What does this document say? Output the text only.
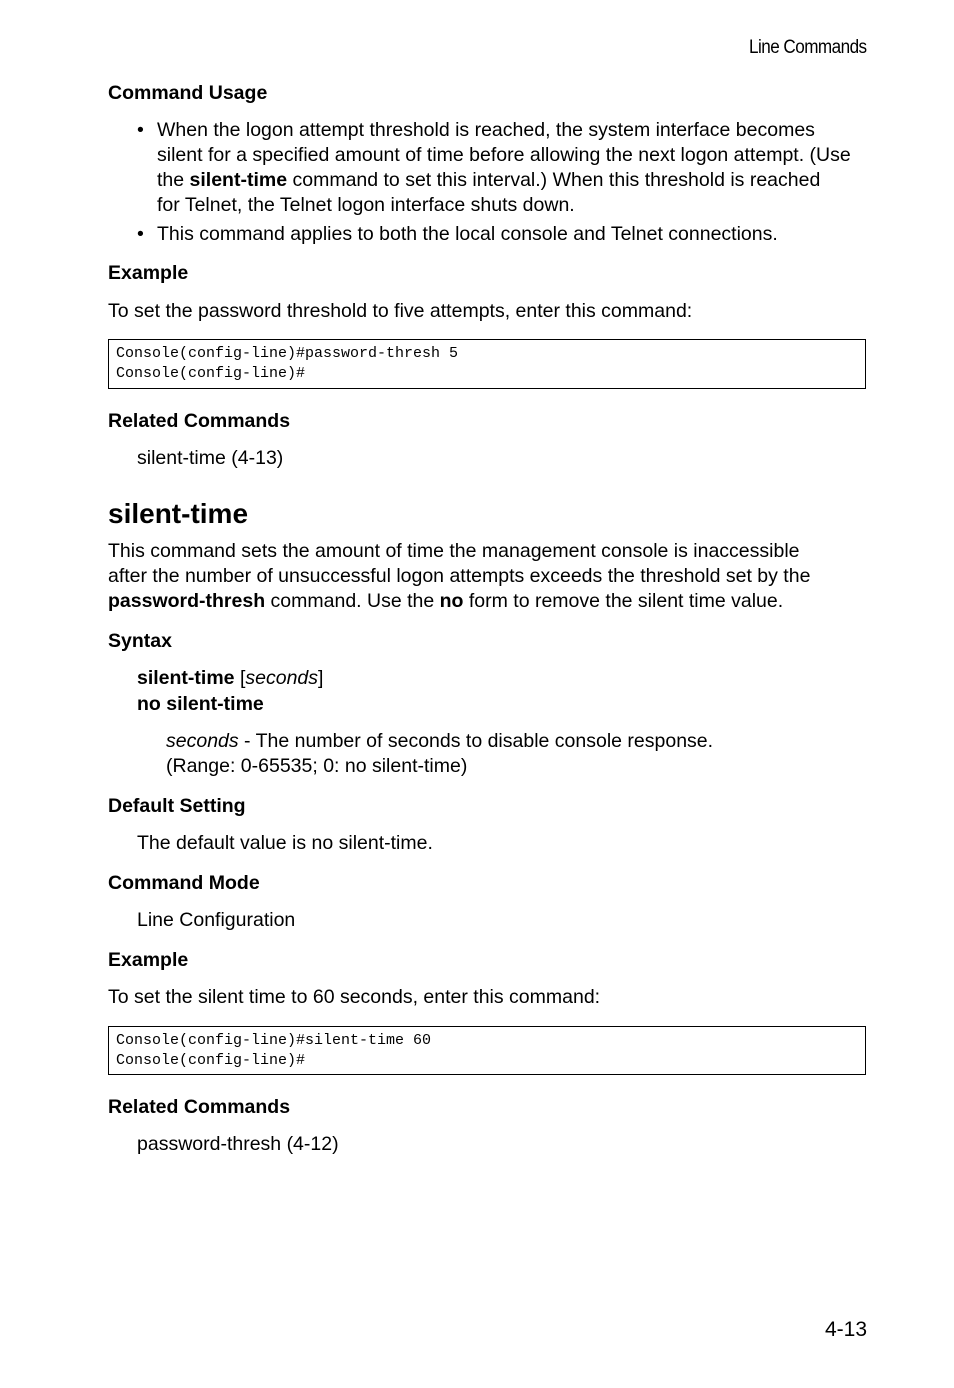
Line Commands
Command Usage
• When the logon attempt threshold is reached, the system interface becomes
silent for a specified amount of time before allowing the next logon attempt. (Use
the silent-time command to set this interval.) When this threshold is reached
for Telnet, the Telnet logon interface shuts down.
• This command applies to both the local console and Telnet connections.
Example
To set the password threshold to five attempts, enter this command:
Console(config-line)#password-thresh 5
Console(config-line)#
Related Commands
silent-time (4-13)
silent-time
This command sets the amount of time the management console is inaccessible
after the number of unsuccessful logon attempts exceeds the threshold set by the
password-thresh command. Use the no form to remove the silent time value.
Syntax
silent-time [seconds]
no silent-time
seconds - The number of seconds to disable console response.
(Range: 0-65535; 0: no silent-time)
Default Setting
The default value is no silent-time.
Command Mode
Line Configuration
Example
To set the silent time to 60 seconds, enter this command:
Console(config-line)#silent-time 60
Console(config-line)#
Related Commands
password-thresh (4-12)
4-13
